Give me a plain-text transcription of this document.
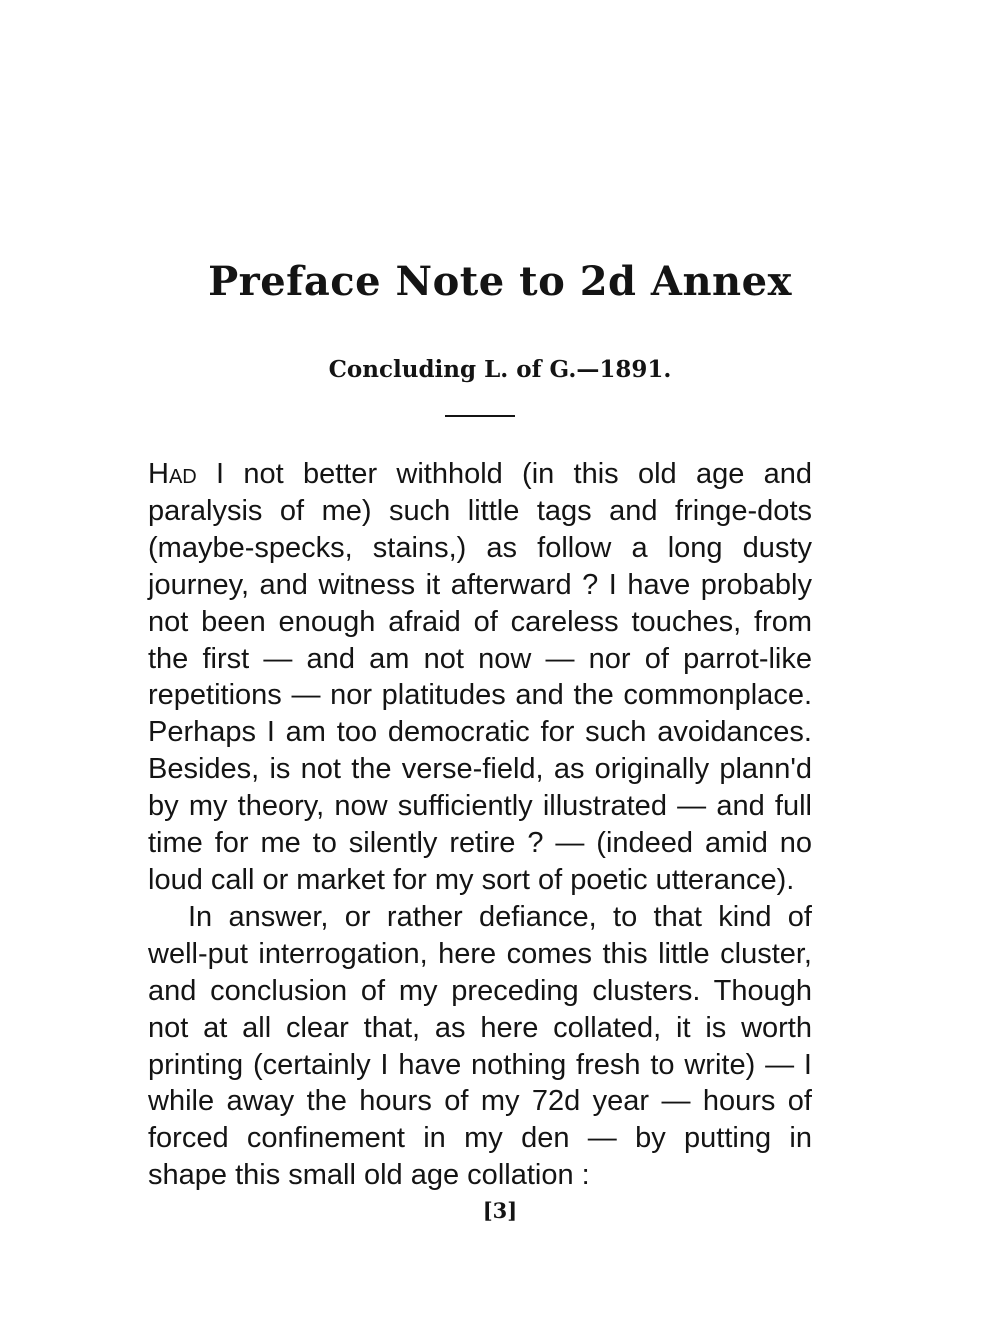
Preface Note to 2d Annex
Concluding L. of G.—1891.

Had I not better withhold (in this old age and paralysis of me) such little tags and fringe-dots (maybe-specks, stains,) as follow a long dusty journey, and witness it afterward ? I have probably not been enough afraid of careless touches, from the first — and am not now — nor of parrot-like repetitions — nor platitudes and the commonplace. Perhaps I am too democratic for such avoidances. Besides, is not the verse-field, as originally plann'd by my theory, now sufficiently illustrated — and full time for me to silently retire ? — (indeed amid no loud call or market for my sort of poetic utterance).

In answer, or rather defiance, to that kind of well-put interrogation, here comes this little cluster, and conclusion of my preceding clusters. Though not at all clear that, as here collated, it is worth printing (certainly I have nothing fresh to write) — I while away the hours of my 72d year — hours of forced confinement in my den — by putting in shape this small old age collation :

[3]
